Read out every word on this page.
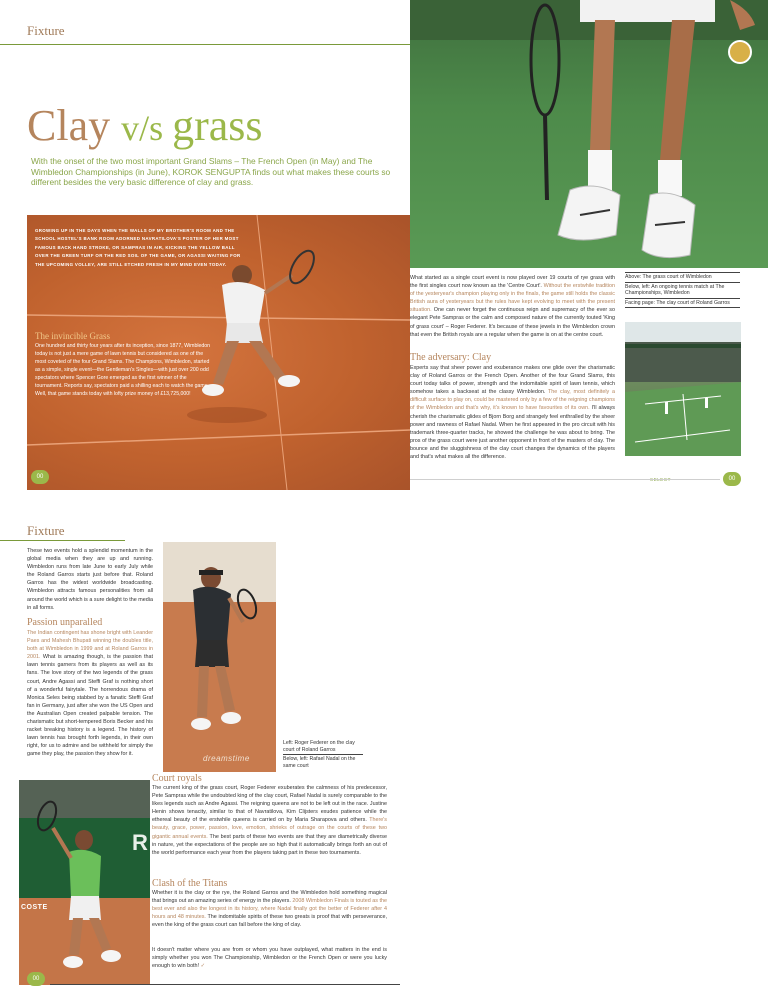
Fixture
Clay v/s grass
With the onset of the two most important Grand Slams – The French Open (in May) and The Wimbledon Championships (in June), KOROK SENGUPTA finds out what makes these courts so different besides the very basic difference of clay and grass.
GROWING UP IN THE DAYS WHEN THE WALLS OF MY BROTHER'S ROOM AND THE SCHOOL HOSTEL'S BANK ROOM ADORNED NAVRATILOVA'S POSTER OF HER MOST FAMOUS BACK HAND STROKE, OR SAMPRAS IN AIR, KICKING THE YELLOW BALL OVER THE GREEN TURF OR THE RED SOIL OF THE GAME, OR AGASSI WAITING FOR THE UPCOMING VOLLEY, ARE STILL ETCHED FRESH IN MY MIND EVEN TODAY.
The invincible Grass
One hundred and thirty four years after its inception, since 1877, Wimbledon today is not just a mere game of lawn tennis but considered as one of the most coveted of the four Grand Slams. The Champions, Wimbledon, started as a simple, single event—the Gentleman's Singles—with just over 200 odd spectators where Spencer Gore emerged as the first winner of the tournament. Reports say, spectators paid a shilling each to watch the game. Well, that game stands today with lofty prize money of £13,725,000!
00
What started as a single court event is now played over 19 courts of rye grass with the first singles court now known as the 'Centre Court'. Without the erstwhile tradition of the yesteryear's champion playing only in the finals, the game still holds the classic British aura of yesteryears but the rules have kept evolving to meet with the present situation. One can never forget the continuous reign and supremacy of the ever so elegant Pete Sampras or the calm and composed nature of the currently touted 'King of grass court' – Roger Federer. It's because of these jewels in the Wimbledon crown that even the British royals are a regular when the game is on at the centre court.
The adversary: Clay
Experts say that sheer power and exuberance makes one glide over the charismatic clay of Roland Garros or the French Open. Another of the four Grand Slams, this court today talks of power, strength and the indomitable spirit of lawn tennis, which somehow takes a backseat at the classy Wimbledon. The clay, most definitely a difficult surface to play on, could be mastered only by a few of the reigning champions of the Wimbledon and that's why, it's known to have favourites of its own. I'll always cherish the charismatic glides of Bjorn Borg and strangely feel enthralled by the sheer power and rawness of Rafael Nadal. When he first appeared in the pro circuit with his trademark three-quarter tracks, he showed the challenge he was about to bring. The pros of the grass court were just another opponent in front of the masters of clay. The bounce and the sluggishness of the clay court changes the dynamics of the players and that's what makes all the difference.
Above: The grass court of Wimbledon
Below, left: An ongoing tennis match at The Championships, Wimbledon
Facing page: The clay court of Roland Garros
00
Fixture
These two events hold a splendid momentum in the global media when they are up and running. Wimbledon runs from late June to early July while the Roland Garros starts just before that. Roland Garros has the widest worldwide broadcasting. Wimbledon attracts famous personalities from all around the world which is a sure delight to the media in all forms.
Passion unparalled
The Indian contingent has shone bright with Leander Paes and Mahesh Bhupati winning the doubles title, both at Wimbledon in 1999 and at Roland Garros in 2001. What is amazing though, is the passion that lawn tennis garners from its players as well as its fans. The love story of the two legends of the grass court, Andre Agassi and Steffi Graf is nothing short of a wonderful fairytale. The horrendous drama of Monica Seles being stabbed by a fanatic Steffi Graf fan in Germany, just after she won the US Open and the Australian Open created palpable tension. The charismatic but short-tempered Boris Becker and his racket breaking history is a legend. The history of lawn tennis has brought forth legends, in their own right, for us to admire and be withheld for simply the game they play, the passion they show for it.	dreamstime
Left: Roger Federer on the clay court of Roland Garros
Below, left: Rafael Nadal on the same court
R
COSTE
Court royals
The current king of the grass court, Roger Federer exuberates the calmness of his predecessor, Pete Sampras while the undoubted king of the clay court, Rafael Nadal is surely comparable to the likes legends such as Andre Agassi. The reigning queens are not to be left out in the race. Justine Henin shows tenacity, similar to that of Navratilova, Kim Clijsters exudes patience while the ethereal beauty of the erstwhile queens is carried on by Maria Sharapova and others. There's beauty, grace, power, passion, love, emotion, shrieks of outrage on the courts of these two gigantic annual events. The best parts of these two events are that they are diametrically diverse in nature, yet the expectations of the people are so high that it automatically brings forth an out of the world performance each year from the players taking part in these two tournaments.
Clash of the Titans
Whether it is the clay or the rye, the Roland Garros and the Wimbledon hold something magical that brings out an amazing series of energy in the players. 2008 Wimbledon Finals is touted as the best ever and also the longest in its history, where Nadal finally got the better of Federer after 4 hours and 48 minutes. The indomitable spirits of these two greats is proof that with perseverance, even the king of the grass court can fall before the king of clay.
It doesn't matter where you are from or whom you have outplayed, what matters in the end is simply whether you won The Championship, Wimbledon or the French Open or were you lucky enough to win both! ✓
00
